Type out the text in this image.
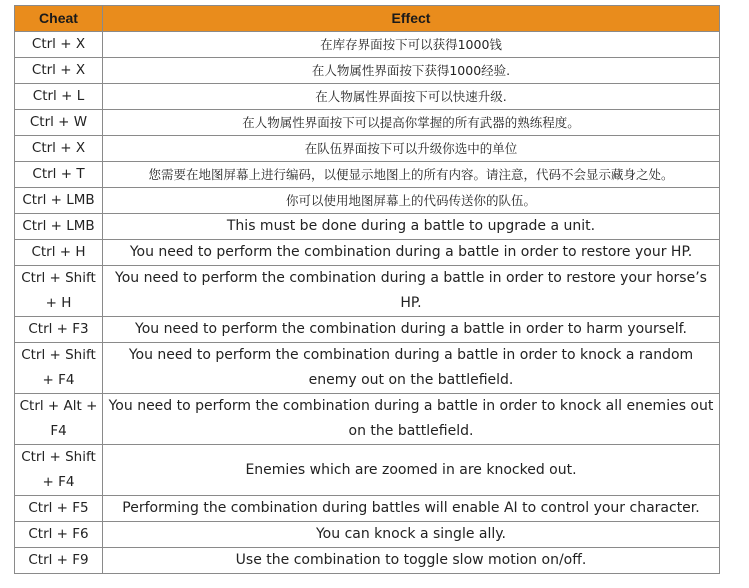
Cheat	Effect
Ctrl + X	在库存界面按下可以获得1000钱
Ctrl + X	在人物属性界面按下获得1000经验.
Ctrl + L	在人物属性界面按下可以快速升级.
Ctrl + W	在人物属性界面按下可以提高你掌握的所有武器的熟练程度。
Ctrl + X	在队伍界面按下可以升级你选中的单位
Ctrl + T	您需要在地图屏幕上进行编码，以便显示地图上的所有内容。请注意，代码不会显示藏身之处。
Ctrl + LMB	你可以使用地图屏幕上的代码传送你的队伍。
Ctrl + LMB	This must be done during a battle to upgrade a unit.
Ctrl + H	You need to perform the combination during a battle in order to restore your HP.
Ctrl + Shift + H	You need to perform the combination during a battle in order to restore your horse’s HP.
Ctrl + F3	You need to perform the combination during a battle in order to harm yourself.
Ctrl + Shift + F4	You need to perform the combination during a battle in order to knock a random enemy out on the battlefield.
Ctrl + Alt + F4	You need to perform the combination during a battle in order to knock all enemies out on the battlefield.
Ctrl + Shift + F4	Enemies which are zoomed in are knocked out.
Ctrl + F5	Performing the combination during battles will enable AI to control your character.
Ctrl + F6	You can knock a single ally.
Ctrl + F9	Use the combination to toggle slow motion on/off.
